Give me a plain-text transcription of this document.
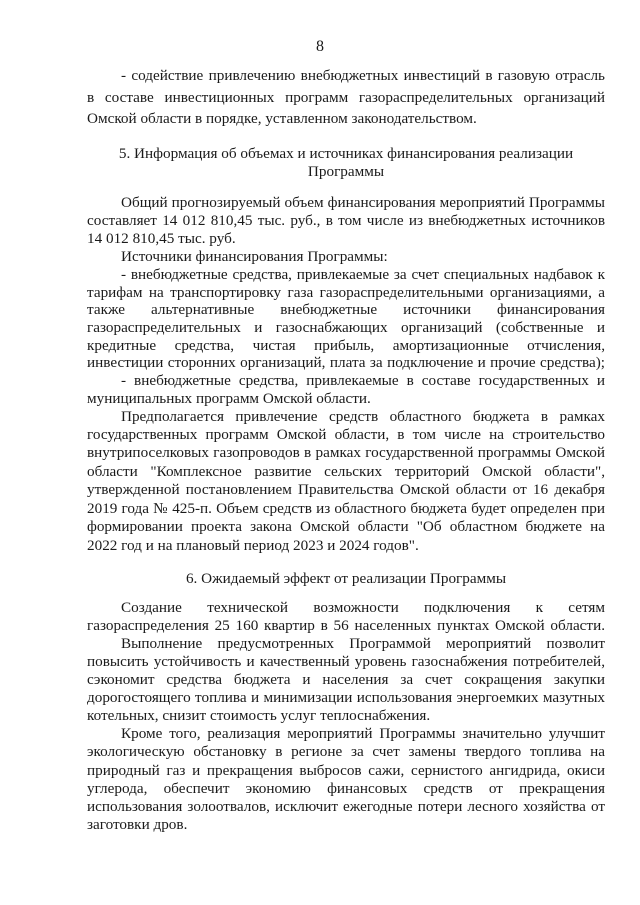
8
- содействие привлечению внебюджетных инвестиций в газовую отрасль
в составе инвестиционных программ газораспределительных организаций
Омской области в порядке, уставленном законодательством.
5. Информация об объемах и источниках финансирования реализации
Программы
Общий прогнозируемый объем финансирования мероприятий Программы
составляет 14 012 810,45 тыс. руб., в том числе из внебюджетных источников
14 012 810,45 тыс. руб.
Источники финансирования Программы:
- внебюджетные средства, привлекаемые за счет специальных надбавок к
тарифам на транспортировку газа газораспределительными организациями, а
также альтернативные внебюджетные источники финансирования
газораспределительных и газоснабжающих организаций (собственные и
кредитные средства, чистая прибыль, амортизационные отчисления,
инвестиции сторонних организаций, плата за подключение и прочие средства);
- внебюджетные средства, привлекаемые в составе государственных и
муниципальных программ Омской области.
Предполагается привлечение средств областного бюджета в рамках
государственных программ Омской области, в том числе на строительство
внутрипоселковых газопроводов в рамках государственной программы Омской
области "Комплексное развитие сельских территорий Омской области",
утвержденной постановлением Правительства Омской области от 16 декабря
2019 года № 425-п. Объем средств из областного бюджета будет определен при
формировании проекта закона Омской области "Об областном бюджете на
2022 год и на плановый период 2023 и 2024 годов".
6. Ожидаемый эффект от реализации Программы
Создание технической возможности подключения к сетям
газораспределения 25 160 квартир в 56 населенных пунктах Омской области.
Выполнение предусмотренных Программой мероприятий позволит
повысить устойчивость и качественный уровень газоснабжения потребителей,
сэкономит средства бюджета и населения за счет сокращения закупки
дорогостоящего топлива и минимизации использования энергоемких мазутных
котельных, снизит стоимость услуг теплоснабжения.
Кроме того, реализация мероприятий Программы значительно улучшит
экологическую обстановку в регионе за счет замены твердого топлива на
природный газ и прекращения выбросов сажи, сернистого ангидрида, окиси
углерода, обеспечит экономию финансовых средств от прекращения
использования золоотвалов, исключит ежегодные потери лесного хозяйства от
заготовки дров.
